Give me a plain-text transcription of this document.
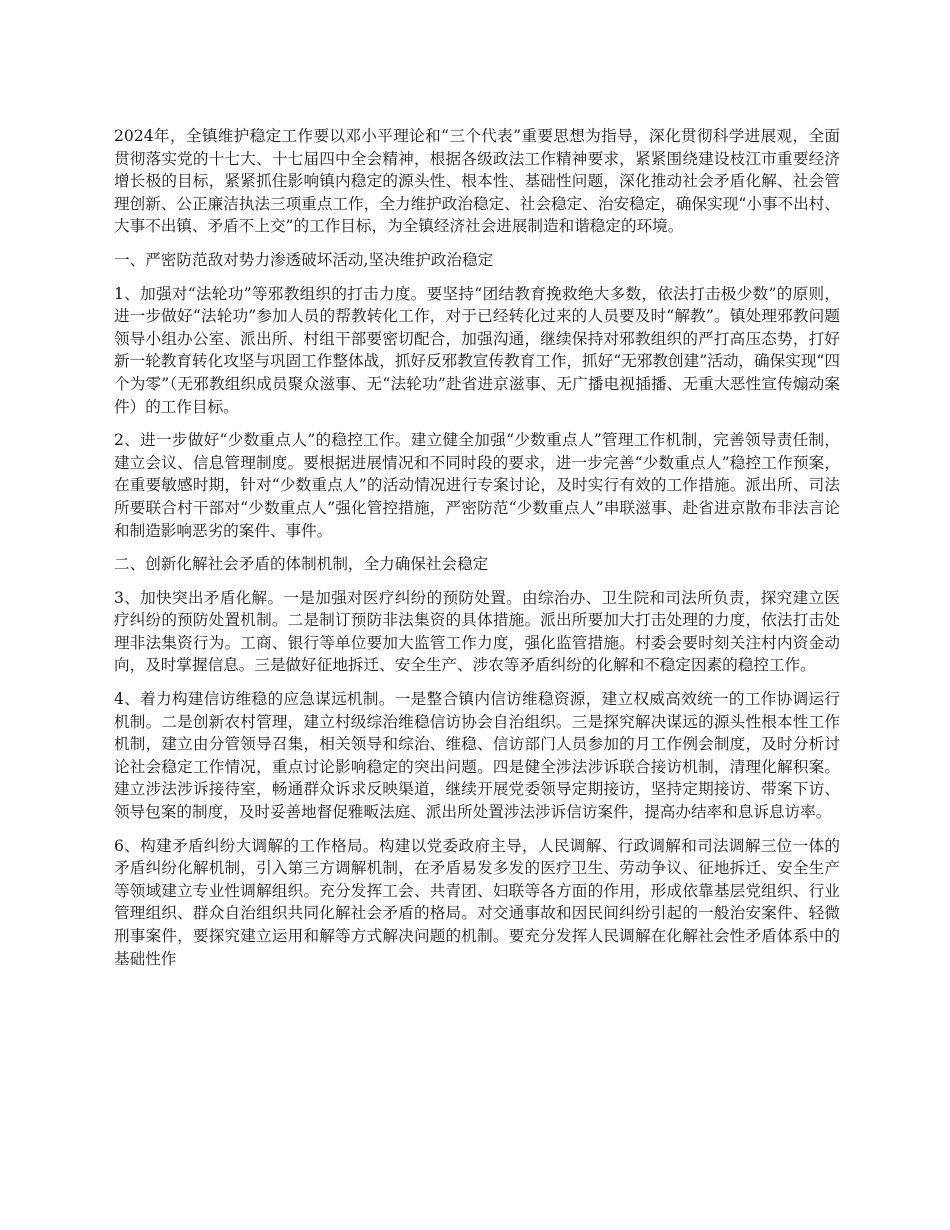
2024年，全镇维护稳定工作要以邓小平理论和“三个代表”重要思想为指导，深化贯彻科学进展观，全面贯彻落实党的十七大、十七届四中全会精神，根据各级政法工作精神要求，紧紧围绕建设枝江市重要经济增长极的目标，紧紧抓住影响镇内稳定的源头性、根本性、基础性问题，深化推动社会矛盾化解、社会管理创新、公正廉洁执法三项重点工作，全力维护政治稳定、社会稳定、治安稳定，确保实现“小事不出村、大事不出镇、矛盾不上交”的工作目标，为全镇经济社会进展制造和谐稳定的环境。

一、严密防范敌对势力渗透破坏活动,坚决维护政治稳定

1、加强对“法轮功”等邪教组织的打击力度。要坚持“团结教育挽救绝大多数，依法打击极少数”的原则，进一步做好“法轮功”参加人员的帮教转化工作，对于已经转化过来的人员要及时“解教”。镇处理邪教问题领导小组办公室、派出所、村组干部要密切配合，加强沟通，继续保持对邪教组织的严打高压态势，打好新一轮教育转化攻坚与巩固工作整体战，抓好反邪教宣传教育工作，抓好“无邪教创建”活动，确保实现“四个为零”（无邪教组织成员聚众滋事、无“法轮功”赴省进京滋事、无广播电视插播、无重大恶性宣传煽动案件）的工作目标。

2、进一步做好“少数重点人”的稳控工作。建立健全加强“少数重点人”管理工作机制，完善领导责任制，建立会议、信息管理制度。要根据进展情况和不同时段的要求，进一步完善“少数重点人”稳控工作预案，在重要敏感时期，针对“少数重点人”的活动情况进行专案讨论，及时实行有效的工作措施。派出所、司法所要联合村干部对“少数重点人”强化管控措施，严密防范“少数重点人”串联滋事、赴省进京散布非法言论和制造影响恶劣的案件、事件。

二、创新化解社会矛盾的体制机制，全力确保社会稳定

3、加快突出矛盾化解。一是加强对医疗纠纷的预防处置。由综治办、卫生院和司法所负责，探究建立医疗纠纷的预防处置机制。二是制订预防非法集资的具体措施。派出所要加大打击处理的力度，依法打击处理非法集资行为。工商、银行等单位要加大监管工作力度，强化监管措施。村委会要时刻关注村内资金动向，及时掌握信息。三是做好征地拆迁、安全生产、涉农等矛盾纠纷的化解和不稳定因素的稳控工作。

4、着力构建信访维稳的应急谋远机制。一是整合镇内信访维稳资源，建立权威高效统一的工作协调运行机制。二是创新农村管理，建立村级综治维稳信访协会自治组织。三是探究解决谋远的源头性根本性工作机制，建立由分管领导召集，相关领导和综治、维稳、信访部门人员参加的月工作例会制度，及时分析讨论社会稳定工作情况，重点讨论影响稳定的突出问题。四是健全涉法涉诉联合接访机制，清理化解积案。建立涉法涉诉接待室，畅通群众诉求反映渠道，继续开展党委领导定期接访，坚持定期接访、带案下访、领导包案的制度，及时妥善地督促雅畈法庭、派出所处置涉法涉诉信访案件，提高办结率和息诉息访率。

6、构建矛盾纠纷大调解的工作格局。构建以党委政府主导，人民调解、行政调解和司法调解三位一体的矛盾纠纷化解机制，引入第三方调解机制，在矛盾易发多发的医疗卫生、劳动争议、征地拆迁、安全生产等领域建立专业性调解组织。充分发挥工会、共青团、妇联等各方面的作用，形成依靠基层党组织、行业管理组织、群众自治组织共同化解社会矛盾的格局。对交通事故和因民间纠纷引起的一般治安案件、轻微刑事案件，要探究建立运用和解等方式解决问题的机制。要充分发挥人民调解在化解社会性矛盾体系中的基础性作
